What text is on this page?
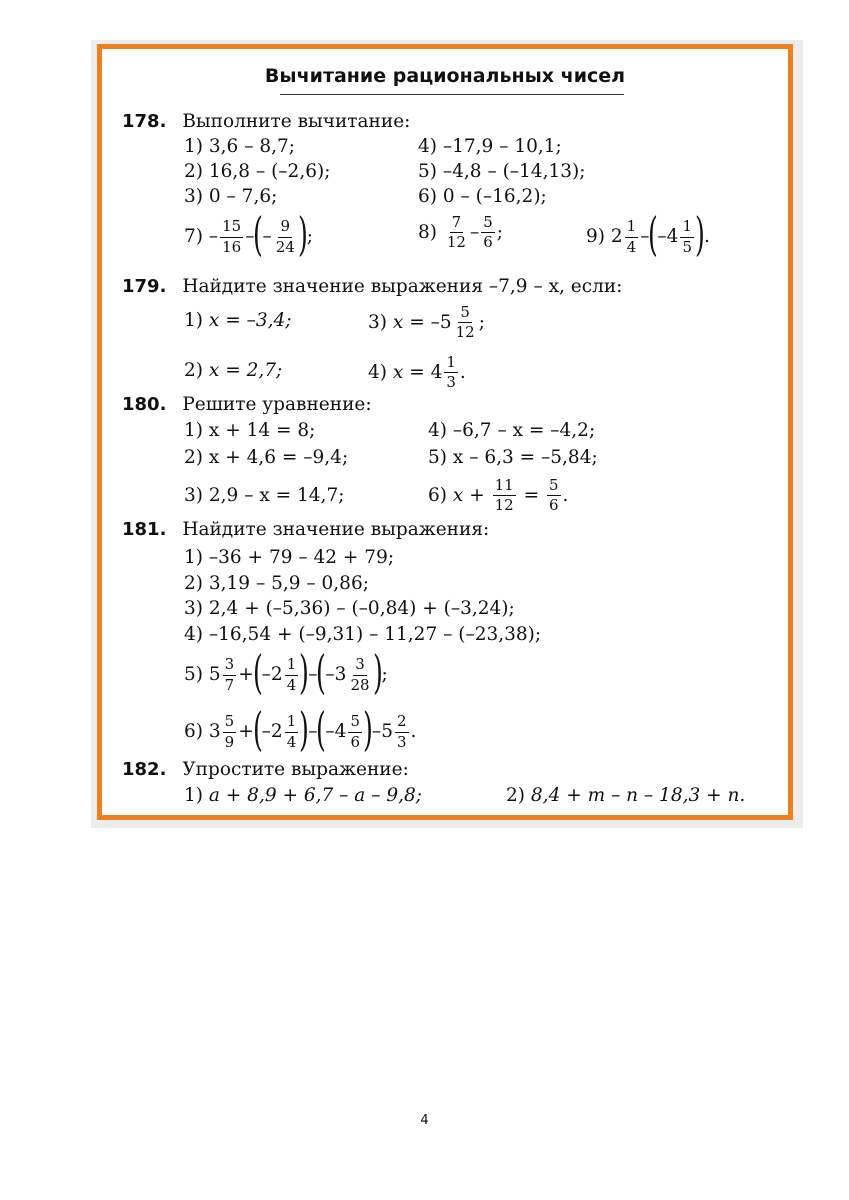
Вычитание рациональных чисел
178. Выполните вычитание:
1) 3,6 – 8,7;	4) –17,9 – 10,1;
2) 16,8 – (–2,6);	5) –4,8 – (–14,13);
3) 0 – 7,6;	6) 0 – (–16,2);
$7) - \frac{15}{16}$ –(– $\frac{9}{24}$ );	$8) \frac{7}{12} - \frac{5}{6}$ ;	9) $2 \frac{1}{4} -(-4 \frac{1}{5}$ ).
179. Найдите значение выражения –7,9 – x, если:
1) x = –3,4;	3) $x = -5 \frac{5}{12}$ ;
2) x = 2,7;	4) $x = 4 \frac{1}{3}$ .
180. Решите уравнение:
1) x + 14 = 8;	4) –6,7 – x = –4,2;
2) x + 4,6 = –9,4;	5) x – 6,3 = –5,84;
3) 2,9 – x = 14,7;	6) $x + \frac{11}{12} = \frac{5}{6}$ .
181. Найдите значение выражения:
1) –36 + 79 – 42 + 79;
2) 3,19 – 5,9 – 0,86;
3) 2,4 + (–5,36) – (–0,84) + (–3,24);
4) –16,54 + (–9,31) – 11,27 – (–23,38);
5) $5 \frac{3}{7} +(-2 \frac{1}{4} )-(-3 \frac{3}{28}$ );
6) $3 \frac{5}{9} +(-2 \frac{1}{4} )-(-4 \frac{5}{6} )-5 \frac{2}{3}$ .
182. Упростите выражение:
1) a + 8,9 + 6,7 – a – 9,8;	2) 8,4 + m – n – 18,3 + n.
4
